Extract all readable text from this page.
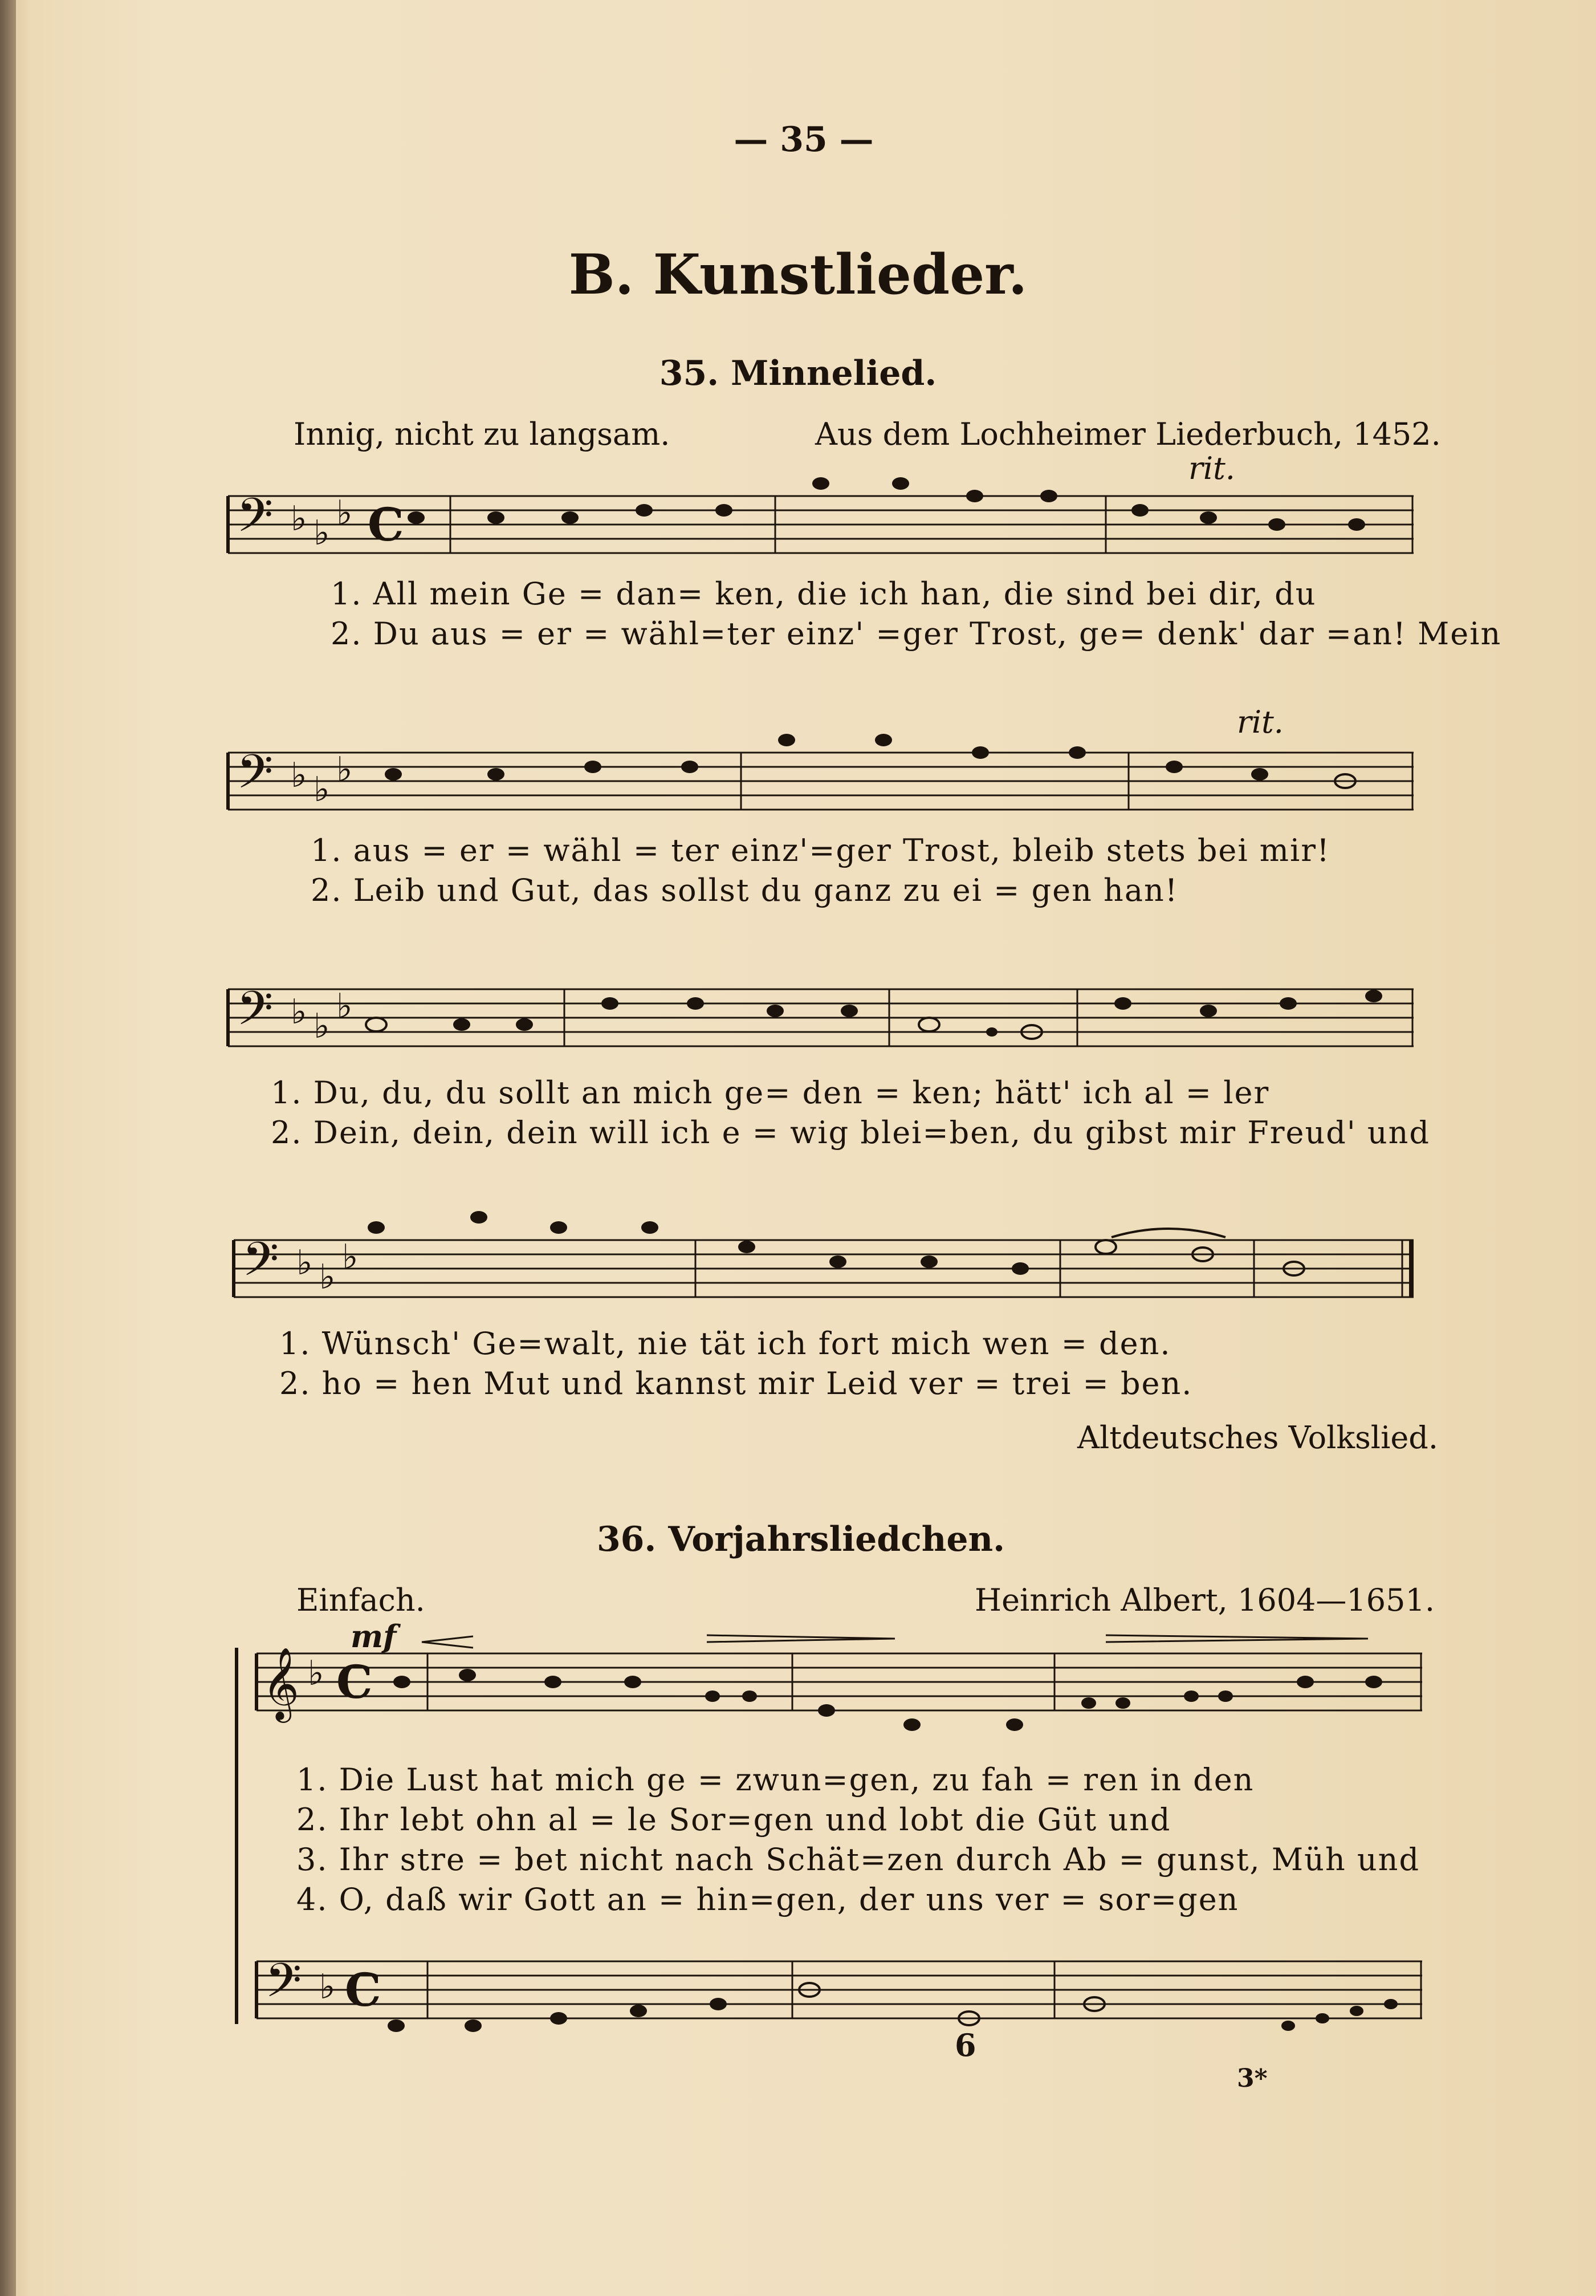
— 35 —
B. Kunstlieder.
35. Minnelied.
Innig, nicht zu langsam.	Aus dem Lochheimer Liederbuch, 1452.
rit.
𝄢 ♭ ♭ ♭ C
1. All mein Ge = dan= ken, die ich han, die sind bei dir, du
2. Du aus = er = wähl=ter einz' =ger Trost, ge= denk' dar =an! Mein
rit.
𝄢 ♭ ♭ ♭
1. aus = er = wähl = ter einz'=ger Trost, bleib stets bei mir!
2. Leib und Gut, das sollst du ganz zu ei = gen han!
𝄢 ♭ ♭ ♭
1. Du, du, du sollt an mich ge= den = ken; hätt' ich al = ler
2. Dein, dein, dein will ich e = wig blei=ben, du gibst mir Freud' und
𝄢 ♭ ♭ ♭
1. Wünsch' Ge=walt, nie tät ich fort mich wen = den.
2. ho = hen Mut und kannst mir Leid ver = trei = ben.
Altdeutsches Volkslied.
36. Vorjahrsliedchen.
Einfach.	Heinrich Albert, 1604—1651.
mf
𝄞 ♭ C
𝄢 ♭ C
1. Die Lust hat mich ge = zwun=gen, zu fah = ren in den
2. Ihr lebt ohn al = le Sor=gen und lobt die Güt und
3. Ihr stre = bet nicht nach Schät=zen durch Ab = gunst, Müh und
4. O, daß wir Gott an = hin=gen, der uns ver = sor=gen
6
3*
